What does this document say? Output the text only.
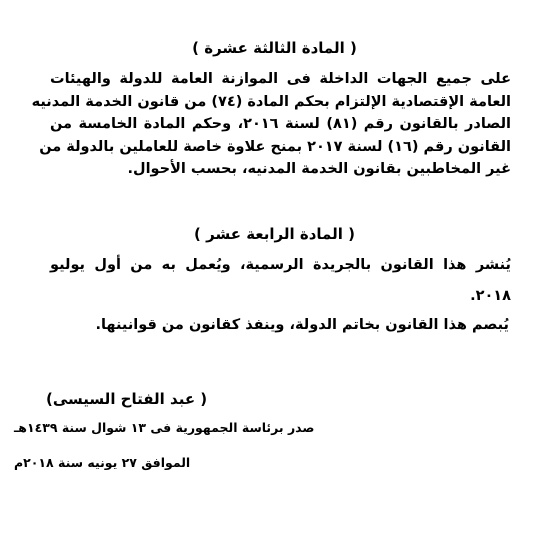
( المادة الثالثة عشرة )
على جميع الجهات الداخلة فى الموازنة العامة للدولة والهيئات
العامة الإقتصادية الإلتزام بحكم المادة (٧٤) من قانون الخدمة المدنيه
الصادر بالقانون رقم (٨١) لسنة ٢٠١٦، وحكم المادة الخامسة من
القانون رقم (١٦) لسنة ٢٠١٧ بمنح علاوة خاصة للعاملين بالدولة من
غير المخاطبين بقانون الخدمة المدنيه، بحسب الأحوال.
( المادة الرابعة عشر )
يُنشر هذا القانون بالجريدة الرسمية، ويُعمل به من أول يوليو
٢٠١٨.
يُبصم هذا القانون بخاتم الدولة، وينفذ كقانون من قوانينها.
( عبد الفتاح السيسى)
صدر برئاسة الجمهورية فى ١٣ شوال سنة ١٤٣٩هـ
الموافق ٢٧ يونيه سنة ٢٠١٨م
